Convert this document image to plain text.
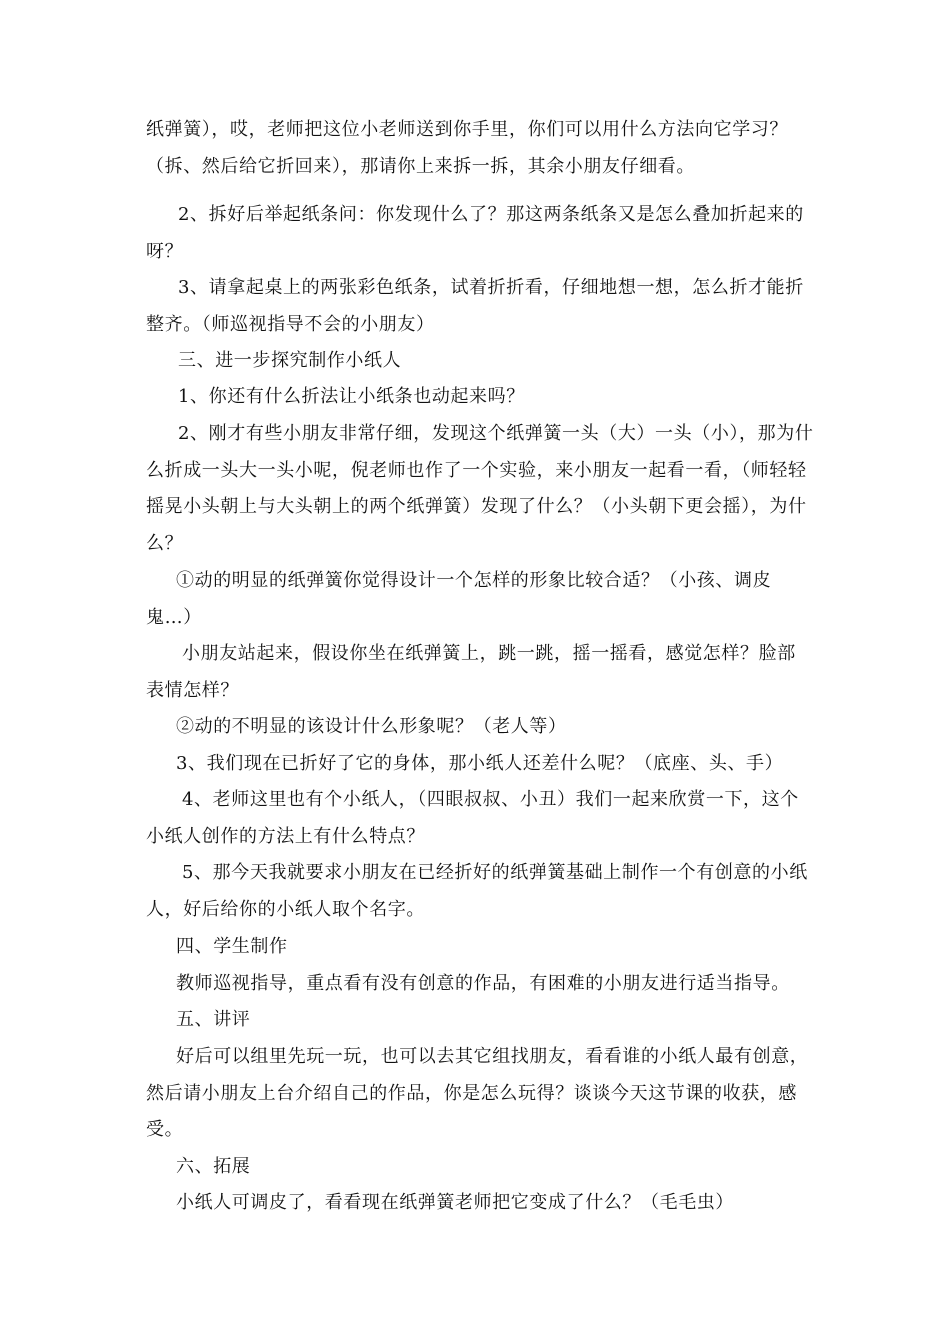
纸弹簧），哎，老师把这位小老师送到你手里，你们可以用什么方法向它学习？（拆、然后给它折回来），那请你上来拆一拆，其余小朋友仔细看。
2、拆好后举起纸条问：你发现什么了？那这两条纸条又是怎么叠加折起来的呀？
3、请拿起桌上的两张彩色纸条，试着折折看，仔细地想一想，怎么折才能折整齐。（师巡视指导不会的小朋友）
三、进一步探究制作小纸人
1、你还有什么折法让小纸条也动起来吗？
2、刚才有些小朋友非常仔细，发现这个纸弹簧一头（大）一头（小），那为什么折成一头大一头小呢，倪老师也作了一个实验，来小朋友一起看一看，（师轻轻摇晃小头朝上与大头朝上的两个纸弹簧）发现了什么？（小头朝下更会摇），为什么？
①动的明显的纸弹簧你觉得设计一个怎样的形象比较合适？（小孩、调皮鬼…）
小朋友站起来，假设你坐在纸弹簧上，跳一跳，摇一摇看，感觉怎样？脸部表情怎样？
②动的不明显的该设计什么形象呢？（老人等）
3、我们现在已折好了它的身体，那小纸人还差什么呢？（底座、头、手）
4、老师这里也有个小纸人，（四眼叔叔、小丑）我们一起来欣赏一下，这个小纸人创作的方法上有什么特点？
5、那今天我就要求小朋友在已经折好的纸弹簧基础上制作一个有创意的小纸人，好后给你的小纸人取个名字。
四、学生制作
教师巡视指导，重点看有没有创意的作品，有困难的小朋友进行适当指导。
五、讲评
好后可以组里先玩一玩，也可以去其它组找朋友，看看谁的小纸人最有创意，然后请小朋友上台介绍自己的作品，你是怎么玩得？谈谈今天这节课的收获，感受。
六、拓展
小纸人可调皮了，看看现在纸弹簧老师把它变成了什么？（毛毛虫）
